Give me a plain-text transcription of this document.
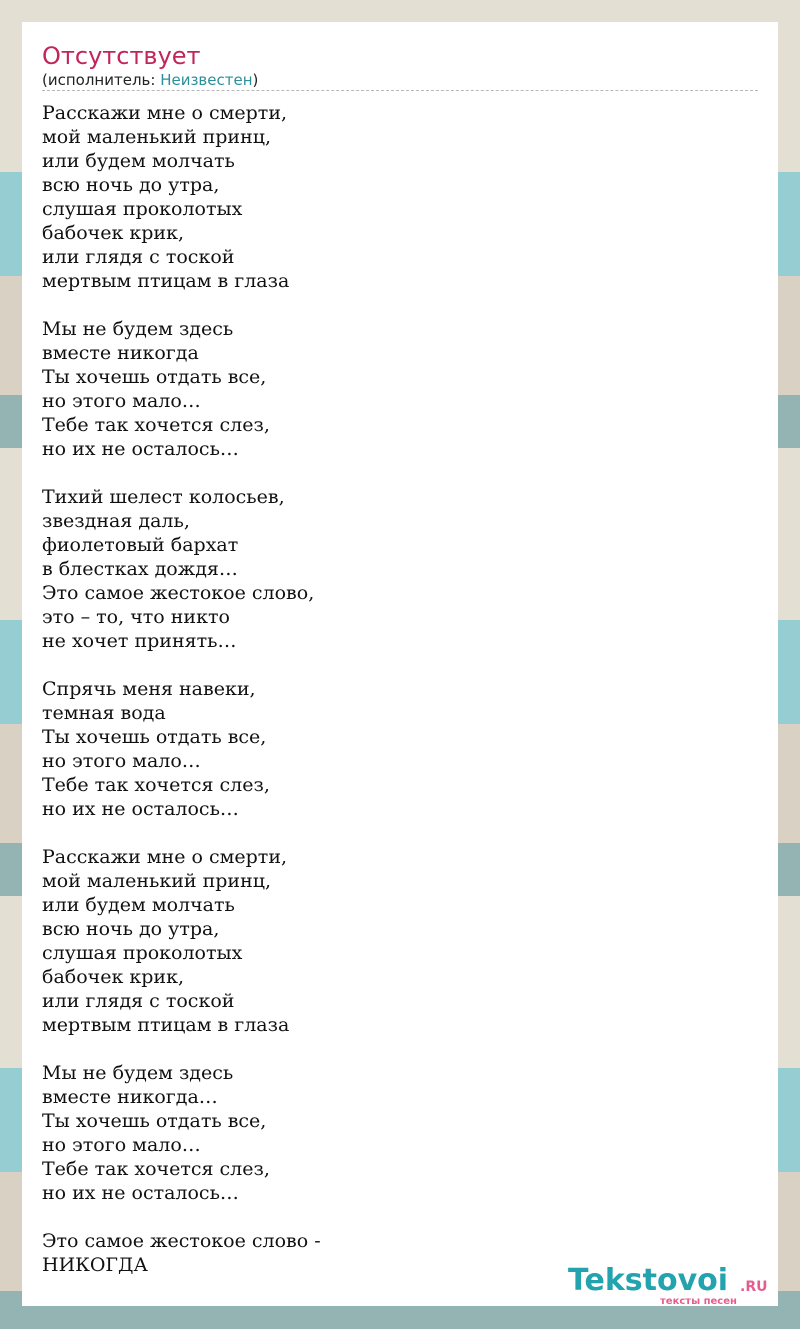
Отсутствует
(исполнитель: Неизвестен)
Расскажи мне о смерти,
мой маленький принц,
или будем молчать
всю ночь до утра,
слушая проколотых
бабочек крик,
или глядя с тоской
мертвым птицам в глаза
Мы не будем здесь
вместе никогда
Ты хочешь отдать все,
но этого мало…
Тебе так хочется слез,
но их не осталось…
Тихий шелест колосьев,
звездная даль,
фиолетовый бархат
в блестках дождя…
Это самое жестокое слово,
это – то, что никто
не хочет принять…
Спрячь меня навеки,
темная вода
Ты хочешь отдать все,
но этого мало…
Тебе так хочется слез,
но их не осталось…
Расскажи мне о смерти,
мой маленький принц,
или будем молчать
всю ночь до утра,
слушая проколотых
бабочек крик,
или глядя с тоской
мертвым птицам в глаза
Мы не будем здесь
вместе никогда…
Ты хочешь отдать все,
но этого мало…
Тебе так хочется слез,
но их не осталось…
Это самое жестокое слово -
НИКОГДА	Tekstovoi .RU
тексты песен
